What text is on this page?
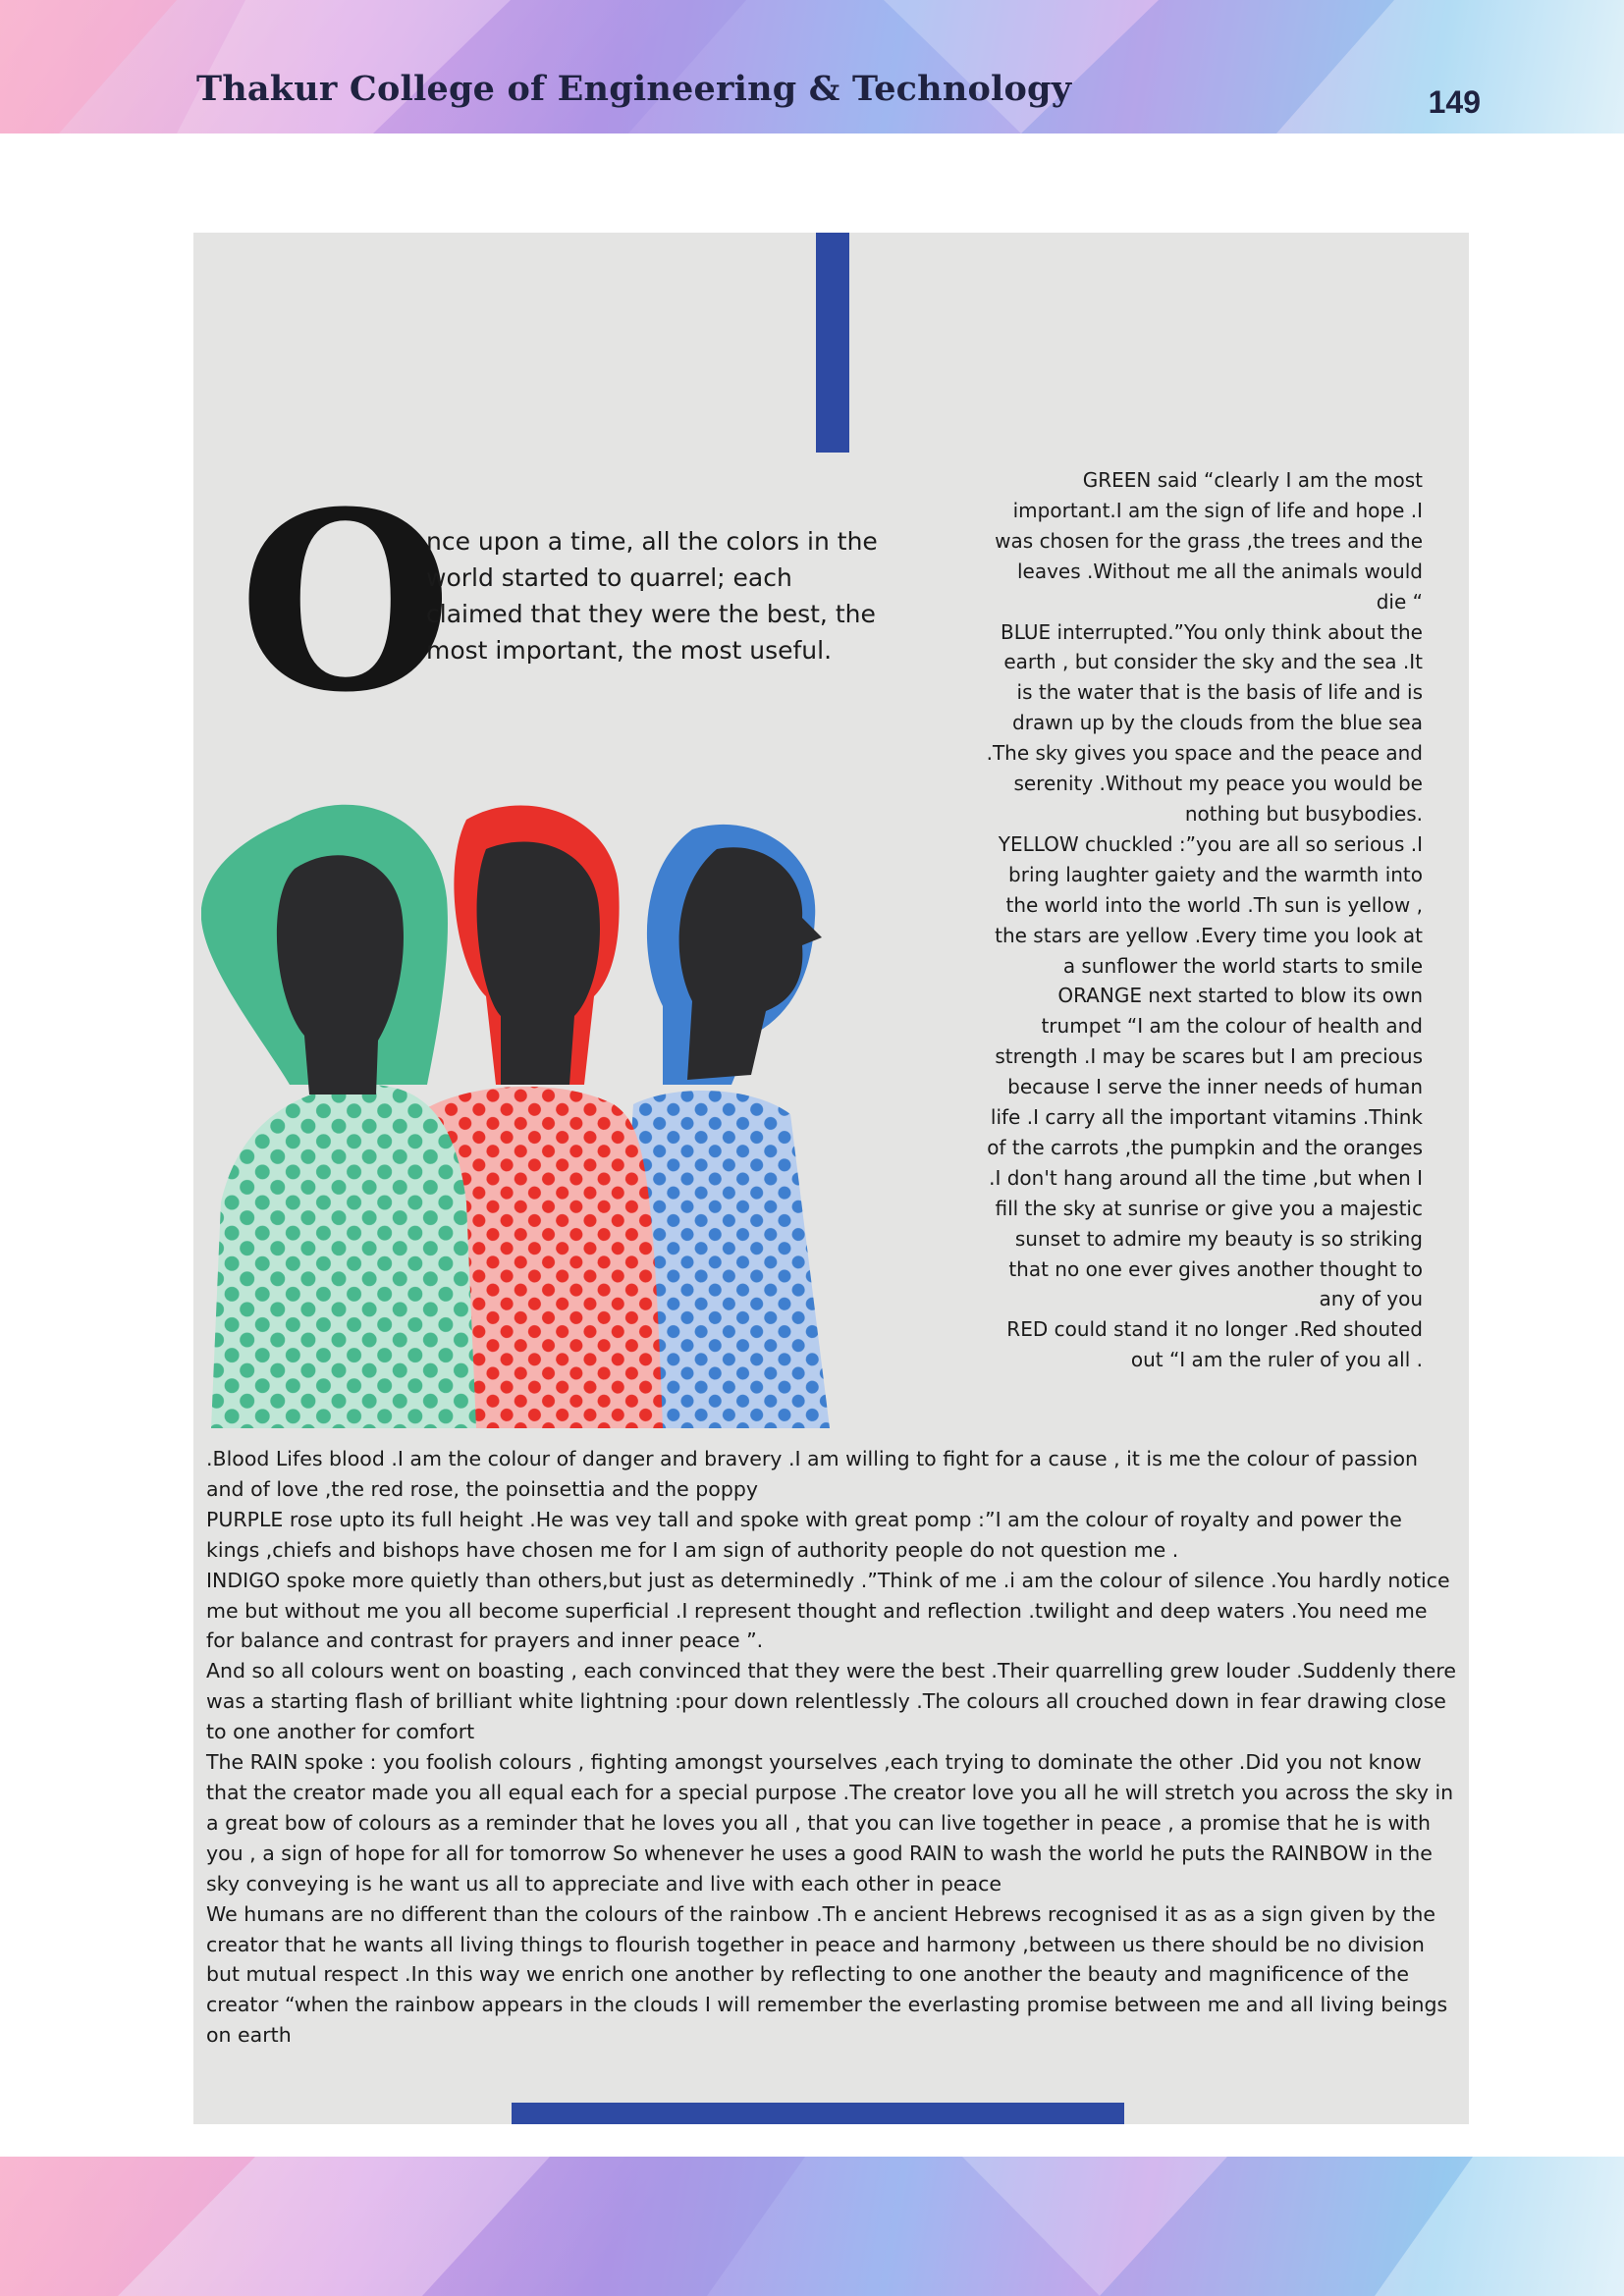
Thakur College of Engineering & Technology	149
O

nce upon a time, all the colors in the world started to quarrel; each claimed that they were the best, the most important, the most useful.

GREEN said “clearly I am the most important.I am the sign of life and hope .I was chosen for the grass ,the trees and the leaves .Without me all the animals would die “

BLUE interrupted.”You only think about the earth , but consider the sky and the sea .It is the water that is the basis of life and is drawn up by the clouds from the blue sea .The sky gives you space and the peace and serenity .Without my peace you would be nothing but busybodies.

YELLOW chuckled :”you are all so serious .I bring laughter gaiety and the warmth into the world into the world .Th sun is yellow , the stars are yellow .Every time you look at a sunflower the world starts to smile

ORANGE next started to blow its own trumpet “I am the colour of health and strength .I may be scares but I am precious because I serve the inner needs of human life .I carry all the important vitamins .Think of the carrots ,the pumpkin and the oranges .I don't hang around all the time ,but when I fill the sky at sunrise or give you a majestic sunset to admire my beauty is so striking that no one ever gives another thought to any of you

RED could stand it no longer .Red shouted out “I am the ruler of you all .

.Blood Lifes blood .I am the colour of danger and bravery .I am willing to fight for a cause , it is me the colour of passion and of love ,the red rose, the poinsettia and the poppy

PURPLE rose upto its full height .He was vey tall and spoke with great pomp :”I am the colour of royalty and power the kings ,chiefs and bishops have chosen me for I am sign of authority people do not question me .

INDIGO spoke more quietly than others,but just as determinedly .”Think of me .i am the colour of silence .You hardly notice me but without me you all become superficial .I represent thought and reflection .twilight and deep waters .You need me for balance and contrast for prayers and inner peace ”.

And so all colours went on boasting , each convinced that they were the best .Their quarrelling grew louder .Suddenly there was a starting flash of brilliant white lightning :pour down relentlessly .The colours all crouched down in fear drawing close to one another for comfort

The RAIN spoke : you foolish colours , fighting amongst yourselves ,each trying to dominate the other .Did you not know that the creator made you all equal each for a special purpose .The creator love you all he will stretch you across the sky in a great bow of colours as a reminder that he loves you all , that you can live together in peace , a promise that he is with you , a sign of hope for all for tomorrow So whenever he uses a good RAIN to wash the world he puts the RAINBOW in the sky conveying is he want us all to appreciate and live with each other in peace

We humans are no different than the colours of the rainbow .Th e ancient Hebrews recognised it as as a sign given by the creator that he wants all living things to flourish together in peace and harmony ,between us there should be no division but mutual respect .In this way we enrich one another by reflecting to one another the beauty and magnificence of the creator “when the rainbow appears in the clouds I will remember the everlasting promise between me and all living beings on earth
